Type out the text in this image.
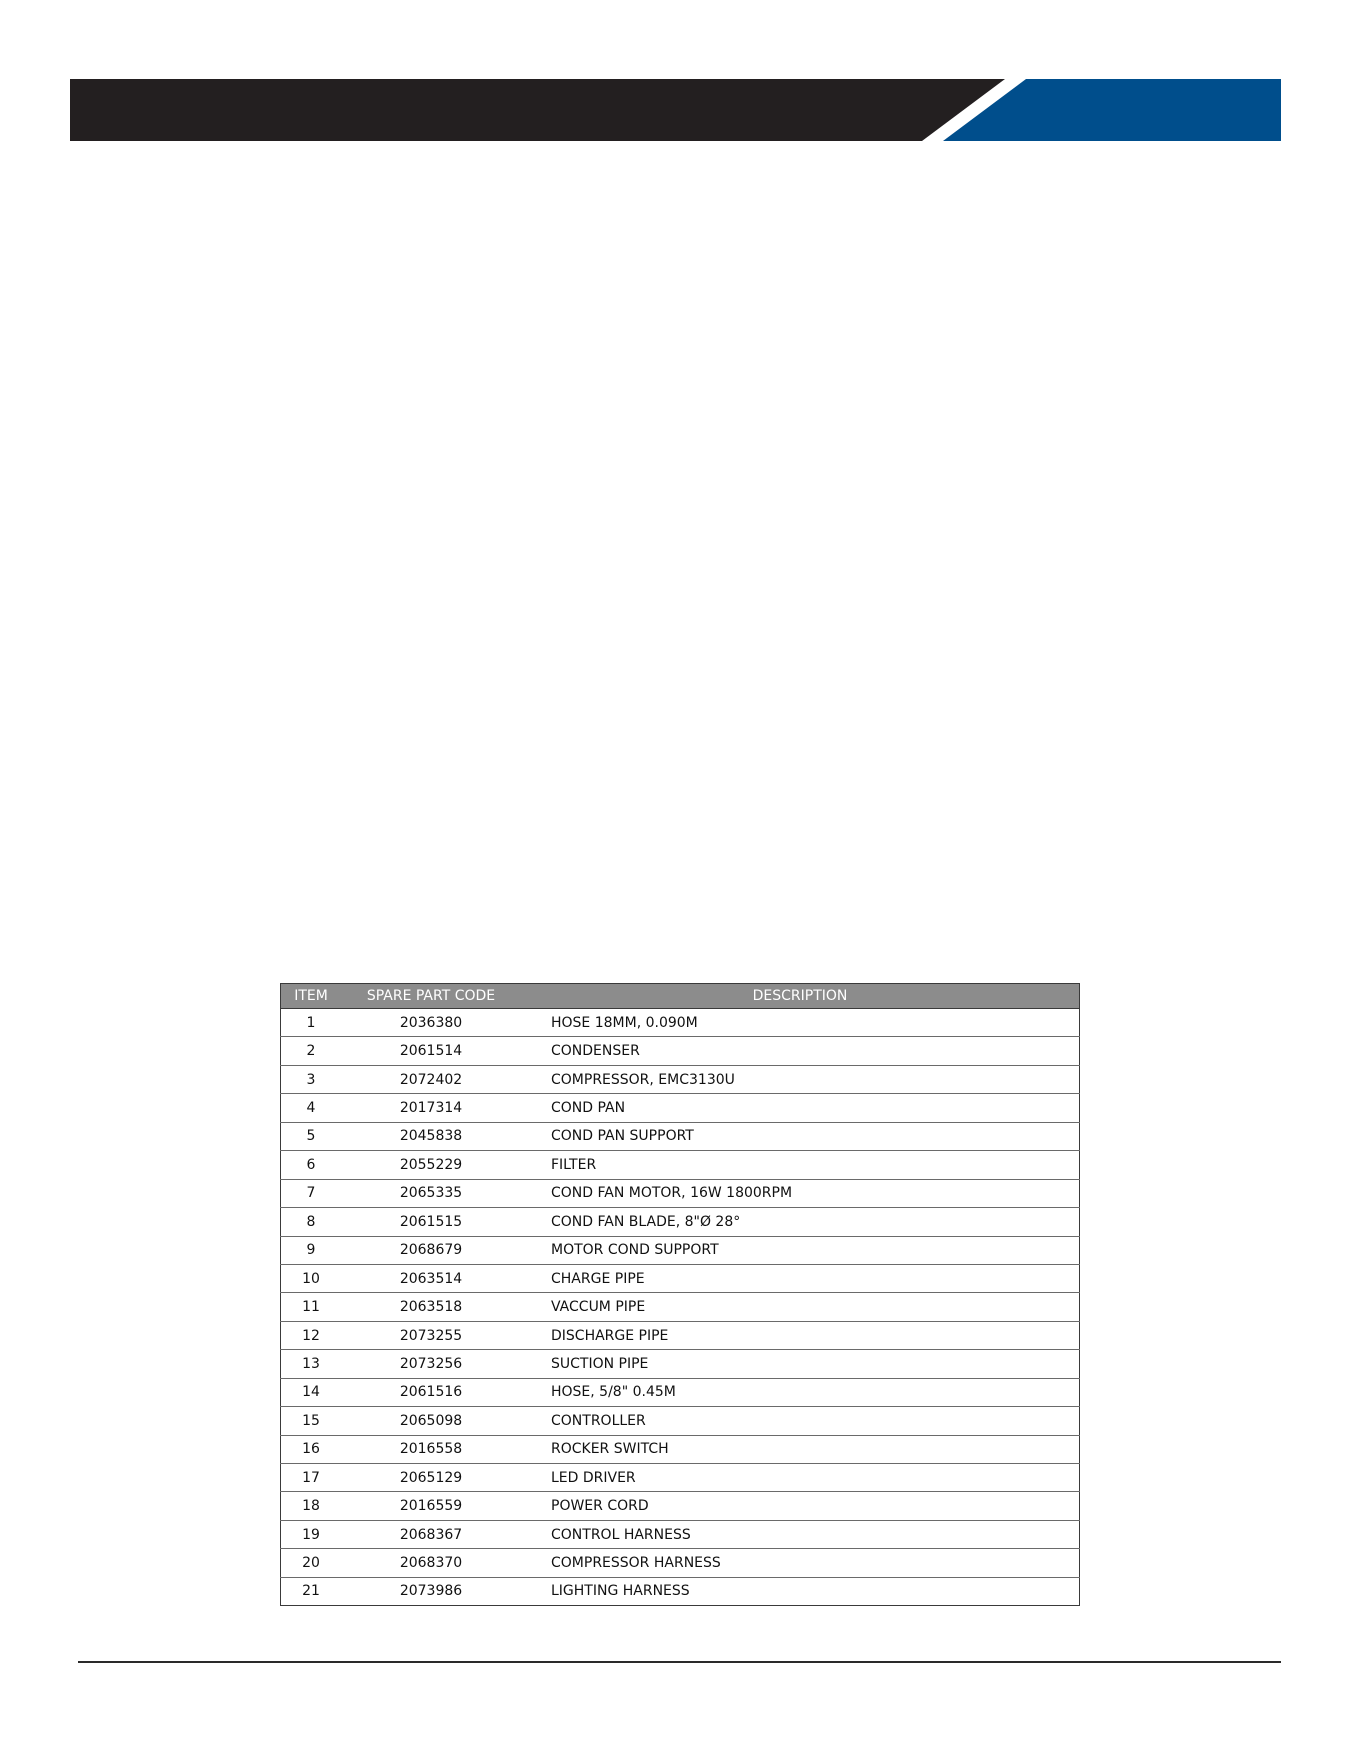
ITEM	SPARE PART CODE	DESCRIPTION
1	2036380	HOSE 18MM, 0.090M
2	2061514	CONDENSER
3	2072402	COMPRESSOR, EMC3130U
4	2017314	COND PAN
5	2045838	COND PAN SUPPORT
6	2055229	FILTER
7	2065335	COND FAN MOTOR, 16W 1800RPM
8	2061515	COND FAN BLADE, 8"Ø 28°
9	2068679	MOTOR COND SUPPORT
10	2063514	CHARGE PIPE
11	2063518	VACCUM PIPE
12	2073255	DISCHARGE PIPE
13	2073256	SUCTION PIPE
14	2061516	HOSE, 5/8" 0.45M
15	2065098	CONTROLLER
16	2016558	ROCKER SWITCH
17	2065129	LED DRIVER
18	2016559	POWER CORD
19	2068367	CONTROL HARNESS
20	2068370	COMPRESSOR HARNESS
21	2073986	LIGHTING HARNESS
